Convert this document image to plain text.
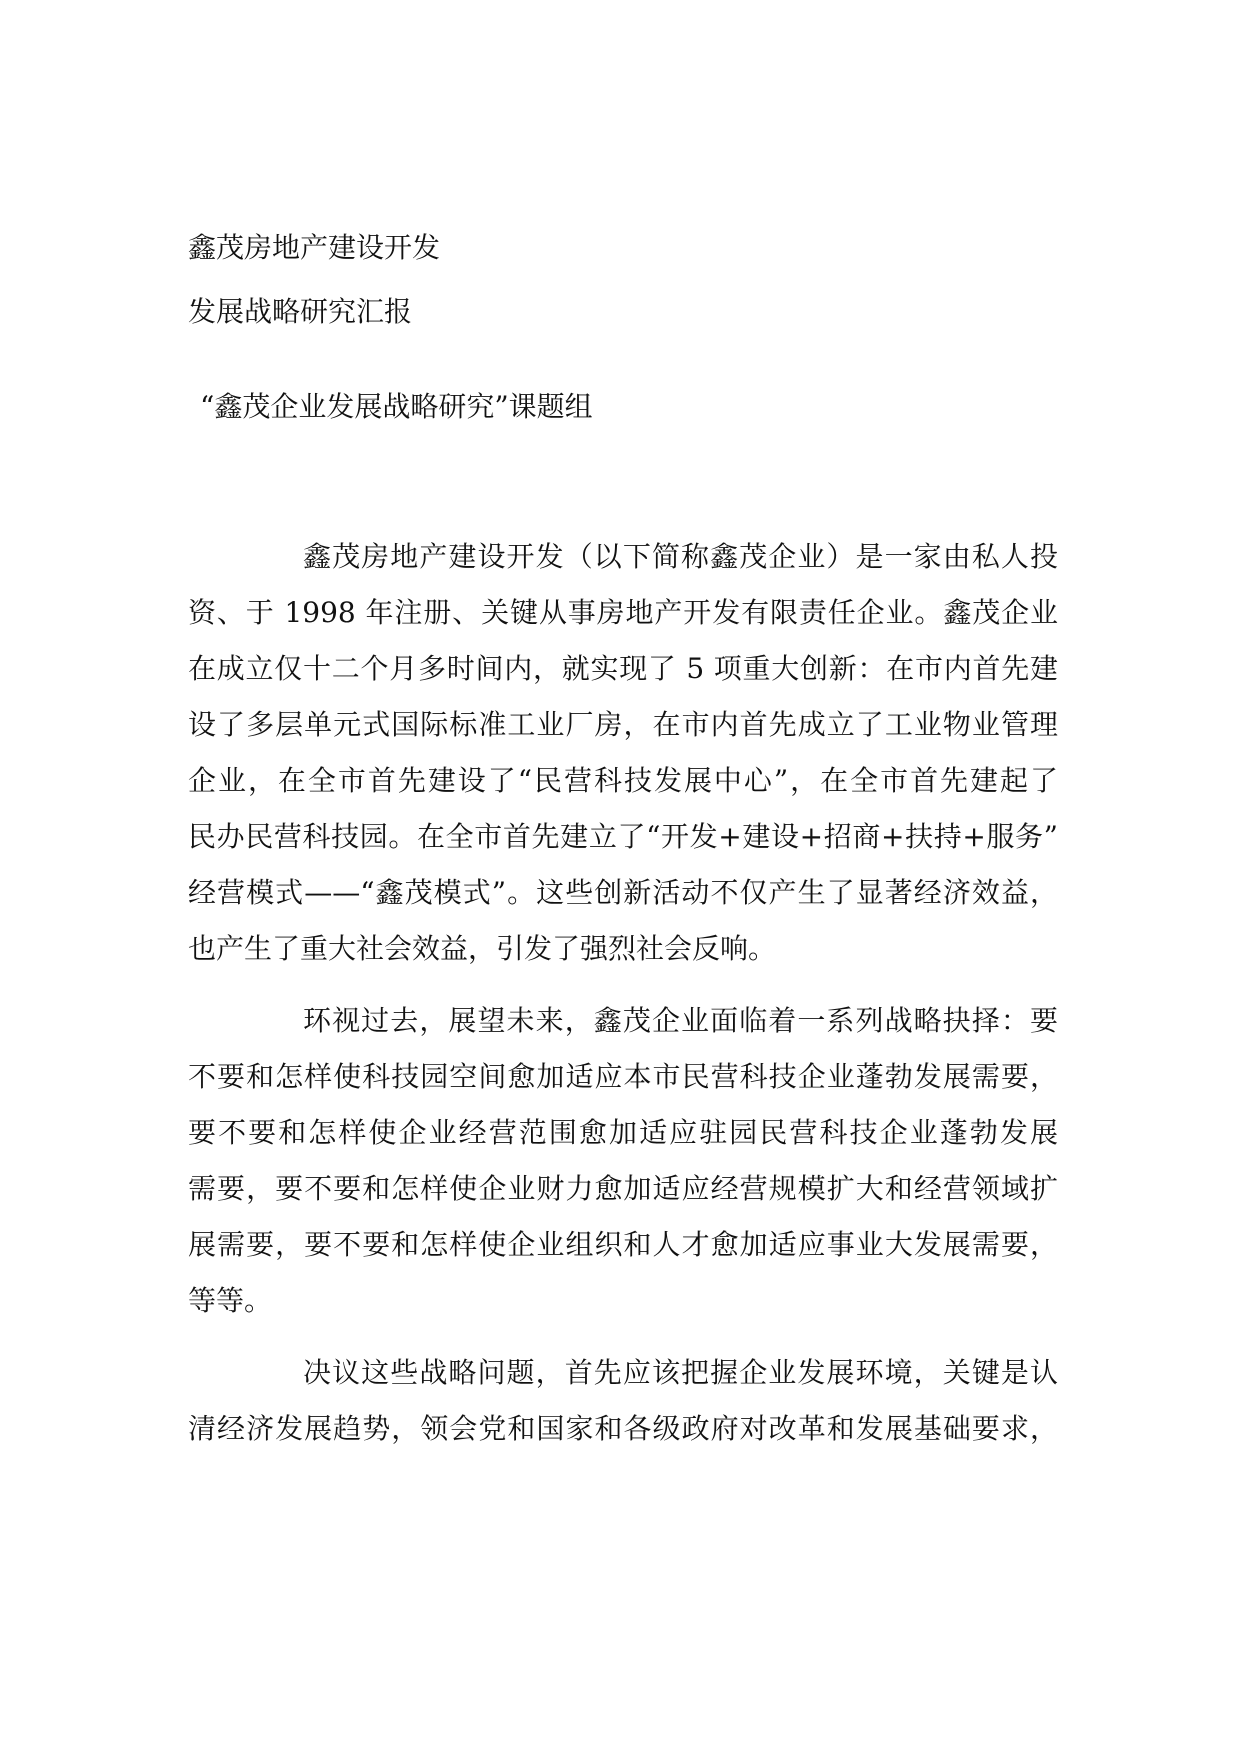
鑫茂房地产建设开发
发展战略研究汇报
“鑫茂企业发展战略研究”课题组
鑫茂房地产建设开发（以下简称鑫茂企业）是一家由私人投
资、于 1998 年注册、关键从事房地产开发有限责任企业。鑫茂企业
在成立仅十二个月多时间内，就实现了 5 项重大创新：在市内首先建
设了多层单元式国际标准工业厂房，在市内首先成立了工业物业管理
企业，在全市首先建设了“民营科技发展中心”，在全市首先建起了
民办民营科技园。在全市首先建立了“开发+建设+招商+扶持+服务”
经营模式——“鑫茂模式”。这些创新活动不仅产生了显著经济效益，
也产生了重大社会效益，引发了强烈社会反响。
环视过去，展望未来，鑫茂企业面临着一系列战略抉择：要
不要和怎样使科技园空间愈加适应本市民营科技企业蓬勃发展需要，
要不要和怎样使企业经营范围愈加适应驻园民营科技企业蓬勃发展
需要，要不要和怎样使企业财力愈加适应经营规模扩大和经营领域扩
展需要，要不要和怎样使企业组织和人才愈加适应事业大发展需要，
等等。
决议这些战略问题，首先应该把握企业发展环境，关键是认
清经济发展趋势，领会党和国家和各级政府对改革和发展基础要求，
